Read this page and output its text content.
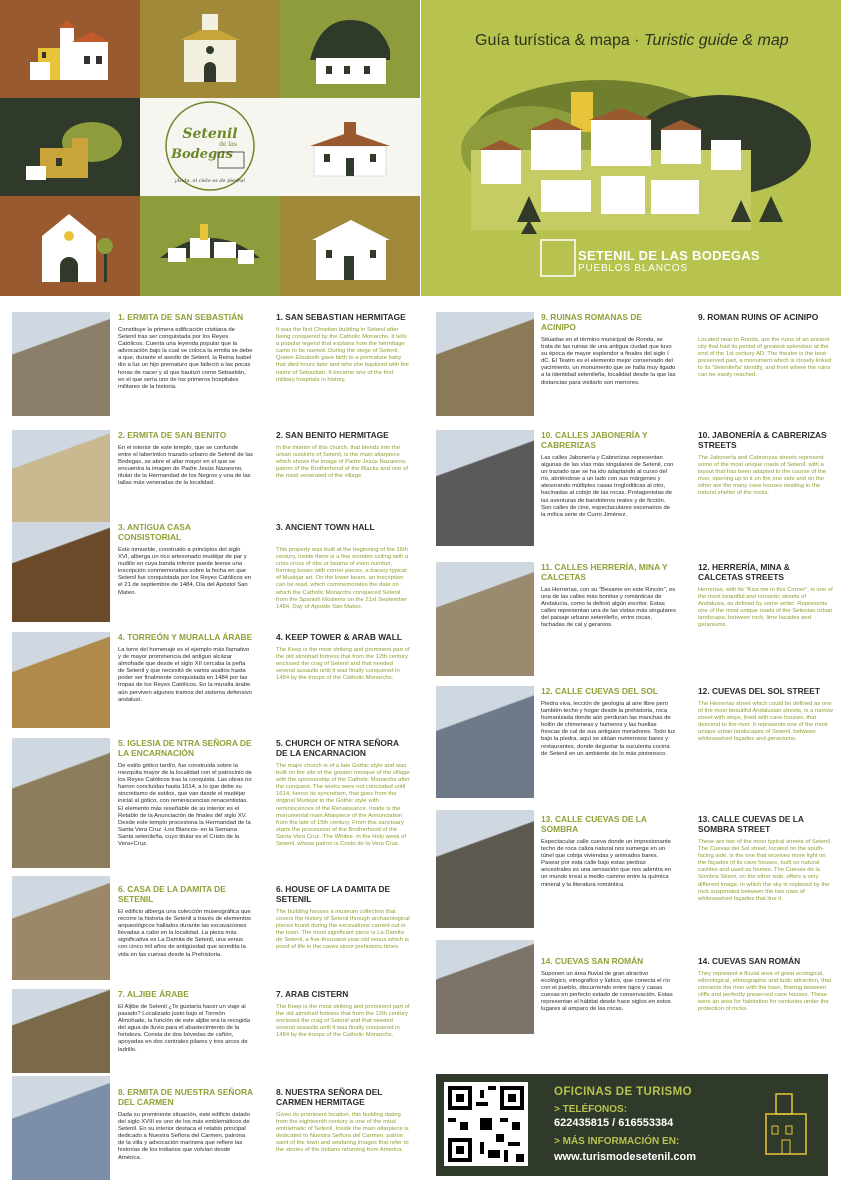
Setenil
de las
Bodegas
¡Anda, el cielo es de piedra!
Guía turística & mapa · Turistic guide & map
SETENIL DE LAS BODEGAS
PUEBLOS BLANCOS
1. ERMITA DE SAN SEBASTIÁN	1. SAN SEBASTIAN HERMITAGE
Constituye la primera edificación cristiana de Setenil tras ser conquistada por los Reyes Católicos. Cuenta una leyenda popular que la advocación bajo la cual se coloca la ermita se debe a que, durante el asedio de Setenil, la Reina Isabel dio a luz un hijo prematuro que falleció a las pocas horas de nacer y al que bautizó como Sebastián, en el que sería uno de los primeros hospitales militares de la historia.
It was the first Christian building in Setenil after being conquered by the Catholic Monarchs. It tells a popular legend that explains how the hermitage came to be named. During the siege of Setenil, Queen Elisabeth gave birth to a premature baby that died hours later and who she baptized with the name of Sebastián. It became one of the first military hospitals in history.
2. ERMITA DE SAN BENITO	2. SAN BENITO HERMITAGE
En el interior de este templo, que se confunde entre el laberíntico trazado urbano de Setenil de las Bodegas, se abre el altar mayor en el que se encuentra la imagen de Padre Jesús Nazareno, titular de la Hermandad de los Negros y una de las tallas más veneradas de la localidad.
In the interior of this church, that blends into the urban outskirts of Setenil, is the main altarpiece which shows the image of Padre Jesús Nazareno, patron of the Brotherhood of the Blacks and one of the most venerated of the village.
3. ANTIGUA CASA CONSISTORIAL
3. ANCIENT TOWN HALL
Este inmueble, construido a principios del siglo XVI, alberga un rico artesonado mudéjar de par y nudillo en cuya banda inferior puede leerse una inscripción conmemorativa sobre la fecha en que Setenil fue conquistada por los Reyes Católicos en el 21 de septiembre de 1484, Día del Apóstol San Mateo.
This property was built at the beginning of the 16th century, inside there is a fine wooden ceiling with a criss-cross of ribs or beams of even number, forming boxes with corner pieces, a tracery typical of Mudejar art. On the lower beam, an inscription can be read, which commemorates the date on which the Catholic Monarchs conquered Setenil from the Spanish Moslems on the 21st September 1484, Day of Apostle San Mateo.
4. TORREÓN Y MURALLA ÁRABE	4. KEEP TOWER & ARAB WALL
La torre del homenaje es el ejemplo más llamativo y de mayor prominencia del antiguo alcázar almohade que desde el siglo XII cercaba la peña de Setenil y que necesitó de varios asaltos hasta poder ser finalmente conquistada en 1484 por las tropas de los Reyes Católicos. En la muralla árabe aún perviven algunos tramos del sistema defensivo andalusí.
The Keep is the most striking and prominent part of the old almohad fortress that from the 12th century enclosed the crag of Setenil and that needed several assaults until it was finally conquered in 1484 by the troops of the Catholic Monarchs.
5. IGLESIA DE NTRA SEÑORA DE LA ENCARNACIÓN
5. CHURCH OF NTRA SEÑORA DE LA ENCARNACION
De estilo gótico tardío, fue construida sobre la mezquita mayor de la localidad con el patrocinio de los Reyes Católicos tras la conquista. Las obras no fueron concluidas hasta 1614, a lo que debe su sincretismo de estilos, que van desde el mudéjar inicial al gótico, con reminiscencias renacentistas. El elemento más reseñable de su interior es el Retablo de la Anunciación de finales del siglo XV. Desde este templo procesiona la Hermandad de la Santa Vera Cruz -Los Blancos- en la Semana Santa setenileña, cuyo titular es el Cristo de la Vera+Cruz.
The major church is of a late Gothic style and was built on the site of the greater mosque of the village with the sponsorship of the Catholic Monarchs after the conquest. The works were not concluded until 1614, hence its syncretism, that goes from the original Mudejar to the Gothic style with reminiscences of the Renaissance. Inside is the monumental main Altarpiece of the Annunciation from the late of 15th century. From this sanctuary starts the procession of the Brotherhood of the Santa Vera Cruz -The Whites- in the Holy week of Setenil, whose patron is Cristo de la Vera Cruz.
6. CASA DE LA DAMITA DE SETENIL
6. HOUSE OF LA DAMITA DE SETENIL
El edificio alberga una colección museográfica que recorre la historia de Setenil a través de elementos arqueológicos hallados durante las excavaciones llevadas a cabo en la localidad. La pieza más significativa es La Damita de Setenil, una venus con cinco mil años de antigüedad que acredita la vida en las cuevas desde la Prehistoria.
The building houses a museum collection that covers the history of Setenil through archaeological pieces found during the excavations carried out in the town. The most significant piece is La Damita de Setenil, a five-thousand-year-old venus which is proof of life in the caves since prehistoric times.
7. ALJIBE ÁRABE	7. ARAB CISTERN
El Aljibe de Setenil ¿Te gustaría hacer un viaje al pasado? Localizado justo bajo el Torreón Almohade, la función de este aljibe era la recogida del agua de lluvia para el abastecimiento de la fortaleza. Consta de dos bóvedas de cañón, apoyadas en dos centrales pilares y tres arcos de ladrillo.
The Keep is the most striking and prominent part of the old almohad fortress that from the 12th century enclosed the crag of Setenil and that needed several assaults until it was finally conquered in 1484 by the troops of the Catholic Monarchs.
8. ERMITA DE NUESTRA SEÑORA DEL CARMEN
8. NUESTRA SEÑORA DEL CARMEN HERMITAGE
Dada su prominente situación, este edificio datado del siglo XVIII es uno de los más emblemáticos de Setenil. En su interior destaca el retablo principal dedicado a Nuestra Señora del Carmen, patrona de la villa y advocación marinera que refiere las historias de los indianos que volvían desde América.
Given its prominent location, this building dating from the eighteenth century is one of the most emblematic of Setenil. Inside the main altarpiece is dedicated to Nuestra Señora del Carmen, patron saint of the town and seafaring images that refer to the stories of the Indians returning from America.
9. RUINAS ROMANAS DE ACINIPO
9. ROMAN RUINS OF ACINIPO
Situadas en el término municipal de Ronda, se trata de las ruinas de una antigua ciudad que tuvo su época de mayor esplendor a finales del siglo I dC. El Teatro es el elemento mejor conservado del yacimiento, un monumento que se halla muy ligado a la identidad setenileña, localidad desde la que las distancias para visitarlo son menores.
Located near to Ronda, are the ruins of an ancient city that had its period of greatest splendour at the end of the 1st century AD. The theatre is the best-preserved part, a monument which is closely linked to its 'Setenileña' identity, and from where the ruins can be easily reached.
10. CALLES JABONERÍA Y CABRERIZAS
10. JABONERÍA & CABRERIZAS STREETS
Las calles Jabonería y Cabrerizas representan algunas de las vías más singulares de Setenil, con un trazado que se ha ido adaptando al curso del río, abriéndose a un lado con sus márgenes y atesorando múltiples casas trogloditicas al otro, hacinadas al cobijo de las rocas. Protagonistas de las aventuras de bandoleros reales y de ficción. Son calles de cine, espectaculares escenarios de la mítica serie de Curro Jiménez.
The Jabonería and Cabrerizas streets represent some of the most unique roads of Setenil, with a layout that has been adapted to the course of the river, opening up to it on the one side and on the other are the many cave houses nestling in the natural shelter of the rocks.
11. CALLES HERRERÍA, MINA Y CALCETAS
12. HERRERÍA, MINA & CALCETAS STREETS
Las Herrerías, con su "Besame en este Rincón", es una de las calles más bonitas y románticas de Andalucía, como la definió algún escritor. Estas calles representan una de las vistas más singulares del paisaje urbano setenileño, entre rocas, fachadas de cal y geranios.
Herrerías, with its "Kiss me in this Corner", is one of the most beautiful and romantic streets of Andalusia, as defined by some writer. Represents one of the most unique roads of the Setenian urban landscape, between rock, lime facades and geraniums.
12. CALLE CUEVAS DEL SOL	12. CUEVAS DEL SOL STREET
Piedra viva, lección de geología al aire libre pero también techo y hogar desde la prehistoria, roca humanizada donde aún perduran las manchas de hollín de chimeneas y humeros y las huellas frescas de cal de sus antiguos moradores. Todo luz bajo la piedra, aquí se sitúan numerosos bares y restaurantes, donde degustar la suculenta cocina de Setenil en un ambiente de lo más pintoresco.
The Herrerías street which could be defined as one of the most beautiful Andalusian streets, is a narrow street with steps, lined with cave houses, that descend to the river. It represents one of the most unique urban landscapes of Setenil, between whitewashed façades and geraniums.
13. CALLE CUEVAS DE LA SOMBRA
13. CALLE CUEVAS DE LA SOMBRA STREET
Espectacular calle cueva donde un impresionante techo de roca caliza natural nos sumerge en un túnel que cobija viviendas y animados bares. Pasear por esta calle bajo estas piedras ancestrales es una sensación que nos adentra en un mundo irreal a medio camino entre la química mineral y la literatura romántica.
These are two of the most typical streets of Setenil. The Cuevas del Sol street, located on the south-facing side, is the one that receives more light on the façades of its cave houses, built on natural cavities and used as homes. The Cuevas de la Sombra Street, on the other side, offers a very different image, in which the sky is replaced by the rock suspended between the two rows of whitewashed façades that line it.
14. CUEVAS SAN ROMÁN	14. CUEVAS SAN ROMÁN
Suponen un área fluvial de gran atractivo ecológico, etnográfico y lúdico, que conecta el río con el pueblo, discurriendo entre tajos y casas cuevas en perfecto estado de conservación. Estas representan el hábitat desde hace siglos en estos lugares al amparo de las rocas.
They represent a fluvial area of great ecological, ethnological, ethnographic and ludic attraction, that connects the river with the town, flowing between cliffs and perfectly preserved cave houses. These were an area for habitation for centuries under the protection of rocks.
OFICINAS DE TURISMO
> TELÉFONOS:
622435815 / 616553384
> MÁS INFORMACIÓN EN:
www.turismodesetenil.com
